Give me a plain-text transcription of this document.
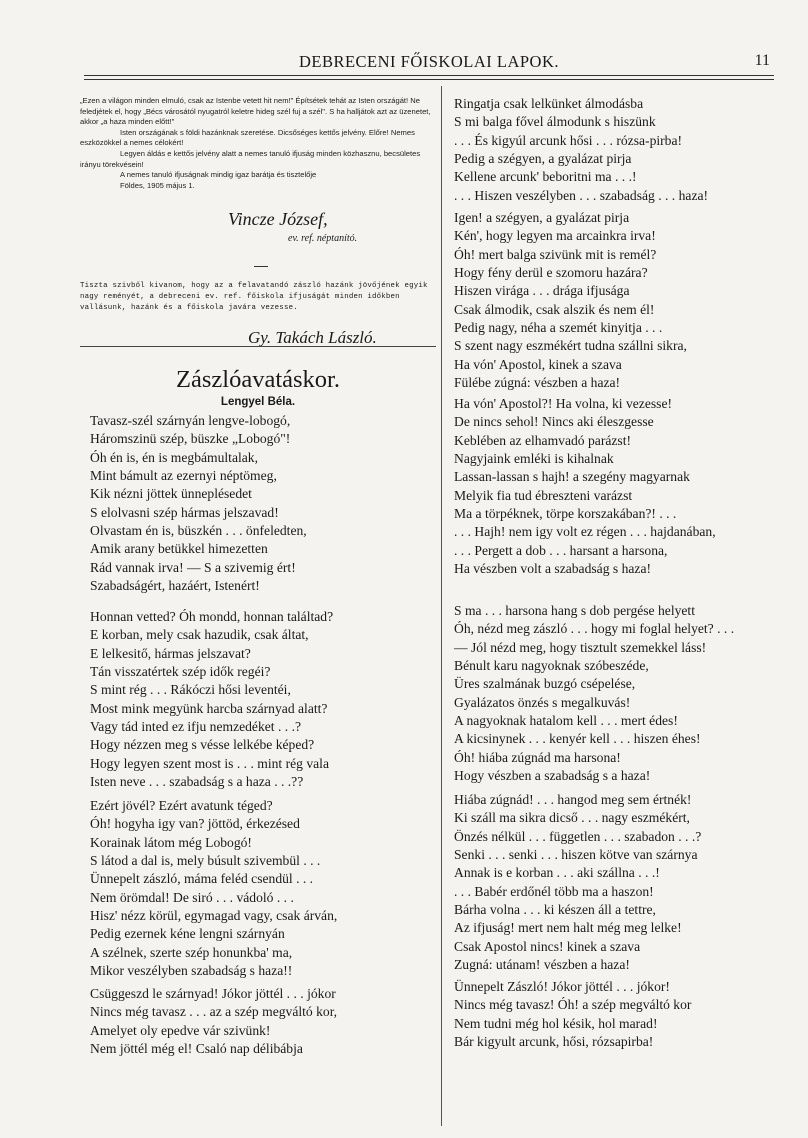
DEBRECENI FŐISKOLAI LAPOK.	11

„Ezen a világon minden elmuló, csak az Istenbe vetett hit nem!" Építsétek tehát az Isten országát! Ne feledjétek el, hogy „Bécs városától nyugatról keletre hideg szél fuj a szél". S ha halljátok azt az üzenetet, akkor „a haza minden előtt!"

Isten országának s földi hazánknak szeretése. Dicsőséges kettős jelvény. Előre! Nemes eszközökkel a nemes célokért!

Legyen áldás e kettős jelvény alatt a nemes tanuló ifjuság minden közhasznu, becsületes irányu törekvésein!

A nemes tanuló ifjuságnak mindig igaz barátja és tisztelője

Földes, 1905 május 1.

Vincze József,
ev. ref. néptanító.
Tiszta szivből kivanom, hogy az a felavatandó zászló hazánk jövőjének egyik nagy reményét, a debreceni ev. ref. főiskola ifjuságát minden időkben vallásunk, hazánk és a főiskola javára vezesse.
Gy. Takách László.
Zászlóavatáskor.
Lengyel Béla.
Tavasz-szél szárnyán lengve-lobogó,
Háromszinü szép, büszke „Lobogó"!
Óh én is, én is megbámultalak,
Mint bámult az ezernyi néptömeg,
Kik nézni jöttek ünneplésedet
S elolvasni szép hármas jelszavad!
Olvastam én is, büszkén . . . önfeledten,
Amik arany betükkel himezetten
Rád vannak irva! — S a szivemig ért!
Szabadságért, hazáért, Istenért!
Honnan vetted? Óh mondd, honnan találtad?
E korban, mely csak hazudik, csak áltat,
E lelkesitő, hármas jelszavat?
Tán visszatértek szép idők regéi?
S mint rég . . . Rákóczi hősi leventéi,
Most mink megyünk harcba szárnyad alatt?
Vagy tád inted ez ifju nemzedéket . . .?
Hogy nézzen meg s vésse lelkébe képed?
Hogy legyen szent most is . . . mint rég vala
Isten neve . . . szabadság s a haza . . .??
Ezért jövél? Ezért avatunk téged?
Óh! hogyha igy van? jöttöd, érkezésed
Korainak látom még Lobogó!
S látod a dal is, mely búsult szivembül . . .
Ünnepelt zászló, máma feléd csendül . . .
Nem örömdal! De siró . . . vádoló . . .
Hisz' nézz körül, egymagad vagy, csak árván,
Pedig ezernek kéne lengni szárnyán
A szélnek, szerte szép honunkba' ma,
Mikor veszélyben szabadság s haza!!
Csüggeszd le szárnyad! Jókor jöttél . . . jókor
Nincs még tavasz . . . az a szép megváltó kor,
Amelyet oly epedve vár szivünk!
Nem jöttél még el! Csaló nap délibábja
Ringatja csak lelkünket álmodásba
S mi balga fővel álmodunk s hiszünk
. . . És kigyúl arcunk hősi . . . rózsa-pirba!
Pedig a szégyen, a gyalázat pirja
Kellene arcunk' beboritni ma . . .!
. . . Hiszen veszélyben . . . szabadság . . . haza!
Igen! a szégyen, a gyalázat pirja
Kén', hogy legyen ma arcainkra irva!
Óh! mert balga szivünk mit is remél?
Hogy fény derül e szomoru hazára?
Hiszen virága . . . drága ifjusága
Csak álmodik, csak alszik és nem él!
Pedig nagy, néha a szemét kinyitja . . .
S szent nagy eszmékért tudna szállni sikra,
Ha vón' Apostol, kinek a szava
Fülébe zúgná: vészben a haza!
Ha vón' Apostol?! Ha volna, ki vezesse!
De nincs sehol! Nincs aki éleszgesse
Keblében az elhamvadó parázst!
Nagyjaink emléki is kihalnak
Lassan-lassan s hajh! a szegény magyarnak
Melyik fia tud ébreszteni varázst
Ma a törpéknek, törpe korszakában?! . . .
. . . Hajh! nem igy volt ez régen . . . hajdanában,
. . . Pergett a dob . . . harsant a harsona,
Ha vészben volt a szabadság s haza!
S ma . . . harsona hang s dob pergése helyett
Óh, nézd meg zászló . . . hogy mi foglal helyet? . . .
— Jól nézd meg, hogy tisztult szemekkel láss!
Bénult karu nagyoknak szóbeszéde,
Üres szalmának buzgó csépelése,
Gyalázatos önzés s megalkuvás!
A nagyoknak hatalom kell . . . mert édes!
A kicsinynek . . . kenyér kell . . . hiszen éhes!
Óh! hiába zúgnád ma harsona!
Hogy vészben a szabadság s a haza!
Hiába zúgnád! . . . hangod meg sem értnék!
Ki száll ma sikra dicső . . . nagy eszmékért,
Önzés nélkül . . . független . . . szabadon . . .?
Senki . . . senki . . . hiszen kötve van szárnya
Annak is e korban . . . aki szállna . . .!
. . . Babér erdőnél több ma a haszon!
Bárha volna . . . ki készen áll a tettre,
Az ifjuság! mert nem halt még meg lelke!
Csak Apostol nincs! kinek a szava
Zugná: utánam! vészben a haza!
Ünnepelt Zászló! Jókor jöttél . . . jókor!
Nincs még tavasz! Óh! a szép megváltó kor
Nem tudni még hol késik, hol marad!
Bár kigyult arcunk, hősi, rózsapirba!
